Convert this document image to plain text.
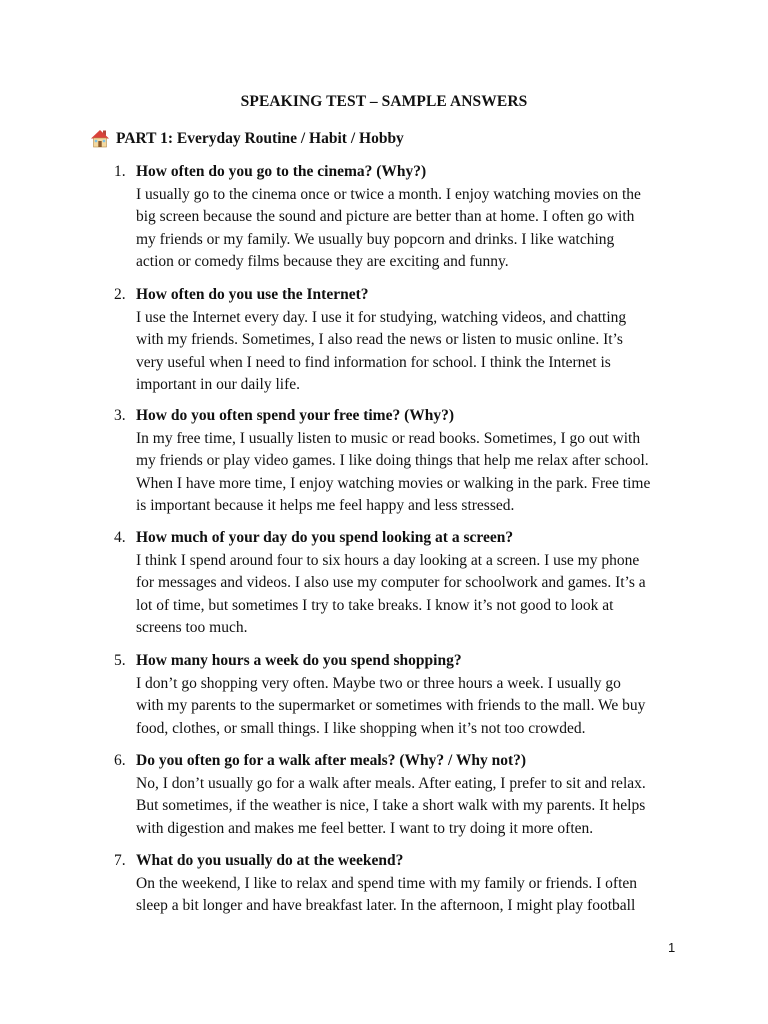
SPEAKING TEST – SAMPLE ANSWERS
PART 1: Everyday Routine / Habit / Hobby
1. How often do you go to the cinema? (Why?)
I usually go to the cinema once or twice a month. I enjoy watching movies on the
big screen because the sound and picture are better than at home. I often go with
my friends or my family. We usually buy popcorn and drinks. I like watching
action or comedy films because they are exciting and funny.
2. How often do you use the Internet?
I use the Internet every day. I use it for studying, watching videos, and chatting
with my friends. Sometimes, I also read the news or listen to music online. It’s
very useful when I need to find information for school. I think the Internet is
important in our daily life.
3. How do you often spend your free time? (Why?)
In my free time, I usually listen to music or read books. Sometimes, I go out with
my friends or play video games. I like doing things that help me relax after school.
When I have more time, I enjoy watching movies or walking in the park. Free time
is important because it helps me feel happy and less stressed.
4. How much of your day do you spend looking at a screen?
I think I spend around four to six hours a day looking at a screen. I use my phone
for messages and videos. I also use my computer for schoolwork and games. It’s a
lot of time, but sometimes I try to take breaks. I know it’s not good to look at
screens too much.
5. How many hours a week do you spend shopping?
I don’t go shopping very often. Maybe two or three hours a week. I usually go
with my parents to the supermarket or sometimes with friends to the mall. We buy
food, clothes, or small things. I like shopping when it’s not too crowded.
6. Do you often go for a walk after meals? (Why? / Why not?)
No, I don’t usually go for a walk after meals. After eating, I prefer to sit and relax.
But sometimes, if the weather is nice, I take a short walk with my parents. It helps
with digestion and makes me feel better. I want to try doing it more often.
7. What do you usually do at the weekend?
On the weekend, I like to relax and spend time with my family or friends. I often
sleep a bit longer and have breakfast later. In the afternoon, I might play football
1
